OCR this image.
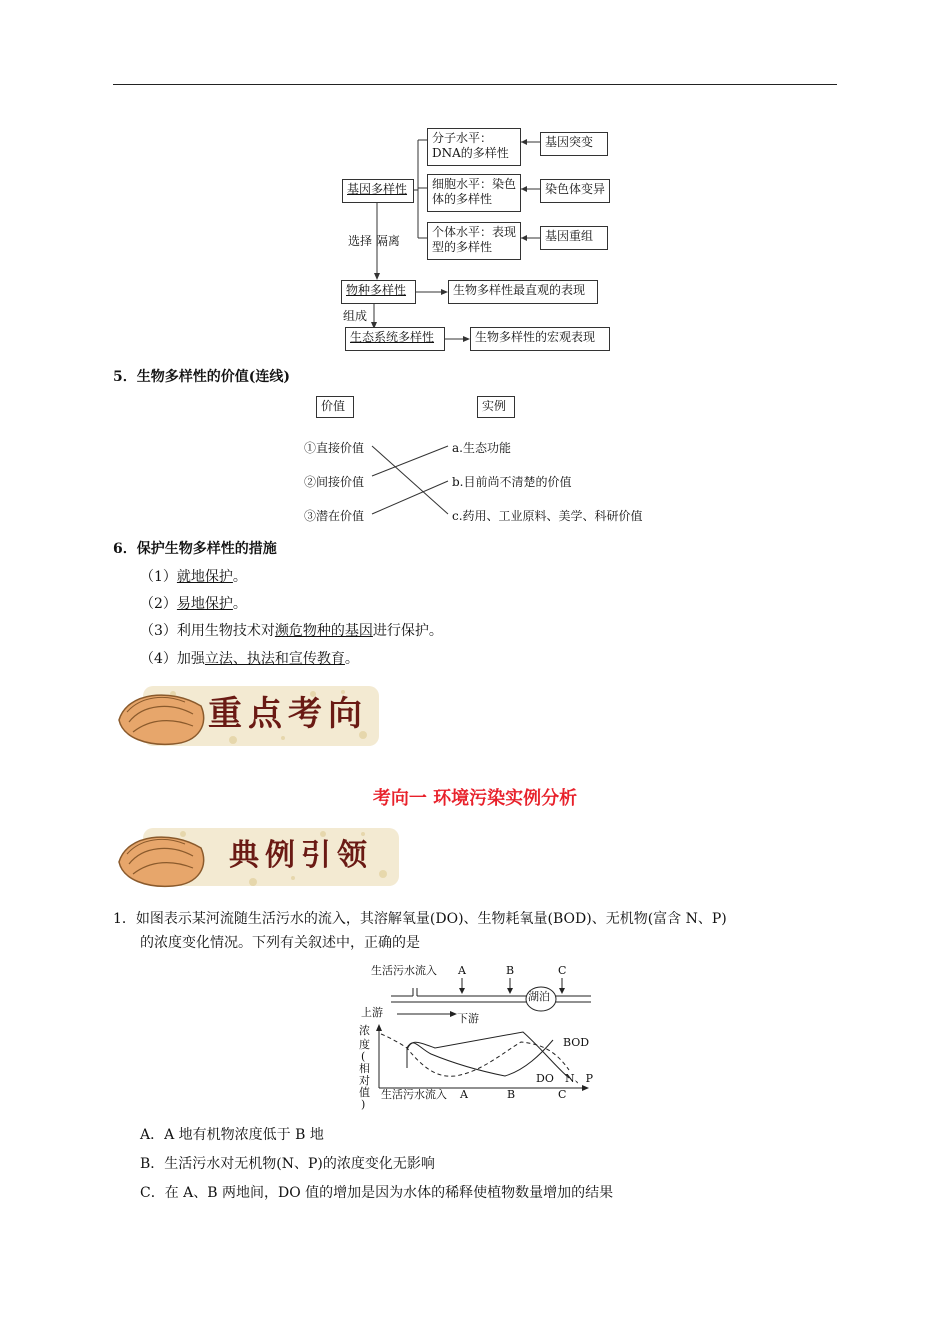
基因多样性
分子水平：DNA的多样性
细胞水平：染色体的多样性
个体水平：表现型的多样性
基因突变
染色体变异
基因重组
选择 隔离
物种多样性	生物多样性最直观的表现
组成
生态系统多样性	生物多样性的宏观表现
5．生物多样性的价值(连线)
价值	实例
①直接价值
②间接价值
③潜在价值
a.生态功能
b.目前尚不清楚的价值
c.药用、工业原料、美学、科研价值
6．保护生物多样性的措施
（1）就地保护。
（2）易地保护。
（3）利用生物技术对濒危物种的基因进行保护。
（4）加强立法、执法和宣传教育。
重点考向
考向一 环境污染实例分析
典例引领
1．如图表示某河流随生活污水的流入，其溶解氧量(DO)、生物耗氧量(BOD)、无机物(富含 N、P)
的浓度变化情况。下列有关叙述中，正确的是
生活污水流入 A	B	C
湖泊
上游	下游
BOD
DO N、P
生活污水流入 A	B	C
浓
度
(
相
对
值
)
A．A 地有机物浓度低于 B 地
B．生活污水对无机物(N、P)的浓度变化无影响
C．在 A、B 两地间，DO 值的增加是因为水体的稀释使植物数量增加的结果
